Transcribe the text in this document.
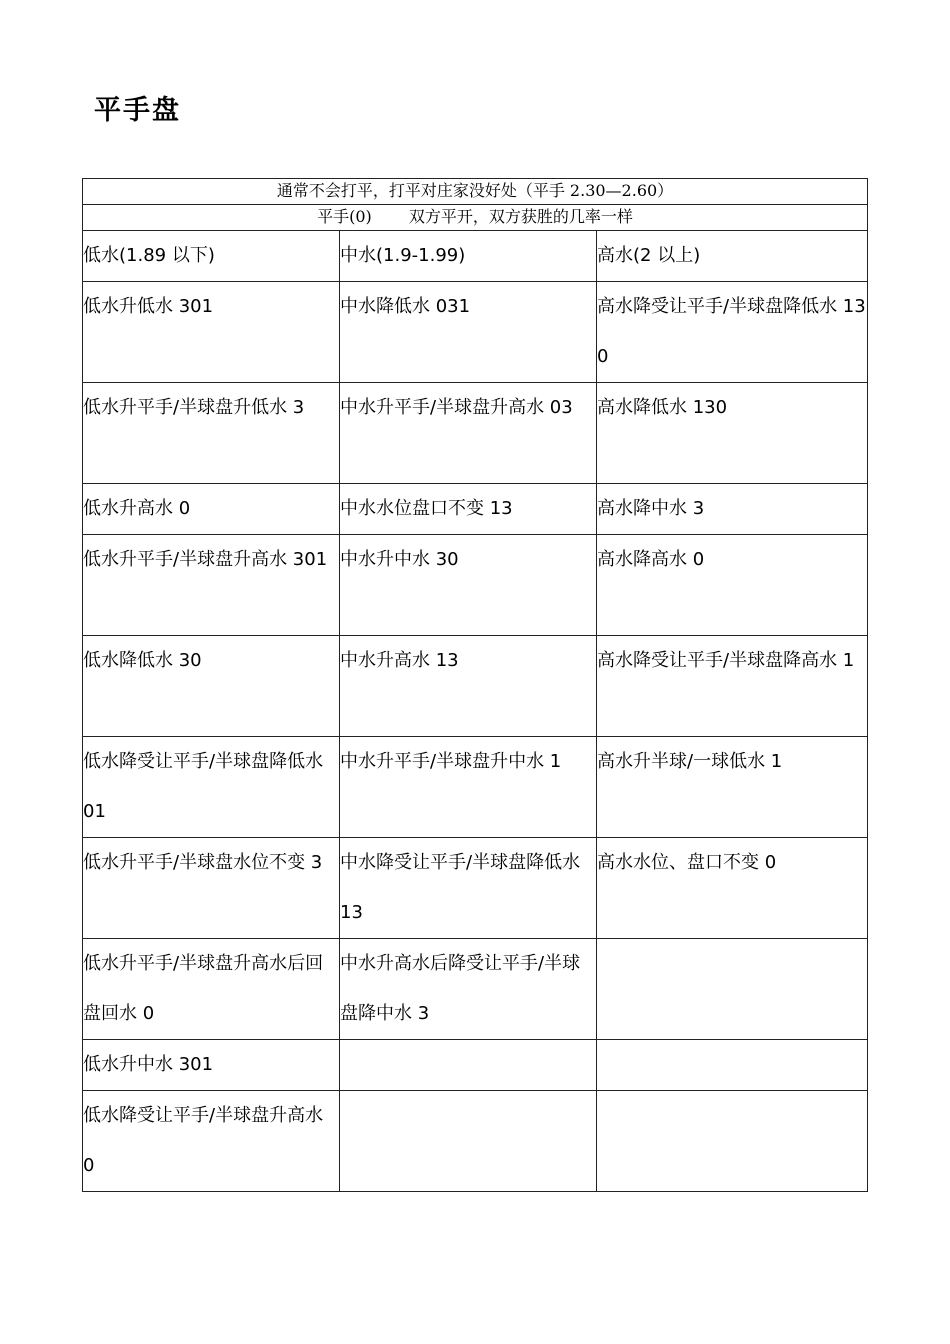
平手盘
通常不会打平，打平对庄家没好处（平手 2.30—2.60）		
平手(0)　　 双方平开，双方获胜的几率一样		
低水(1.89 以下)	中水(1.9-1.99)	高水(2 以上)
低水升低水 301	中水降低水 031	高水降受让平手/半球盘降低水 130
低水升平手/半球盘升低水 3	中水升平手/半球盘升高水 03	高水降低水 130
低水升高水 0	中水水位盘口不变 13	高水降中水 3
低水升平手/半球盘升高水 301	中水升中水 30	高水降高水 0
低水降低水 30	中水升高水 13	高水降受让平手/半球盘降高水 1
低水降受让平手/半球盘降低水 01	中水升平手/半球盘升中水 1	高水升半球/一球低水 1
低水升平手/半球盘水位不变 3	中水降受让平手/半球盘降低水 13	高水水位、盘口不变 0
低水升平手/半球盘升高水后回盘回水 0	中水升高水后降受让平手/半球盘降中水 3	
低水升中水 301		
低水降受让平手/半球盘升高水 0		
